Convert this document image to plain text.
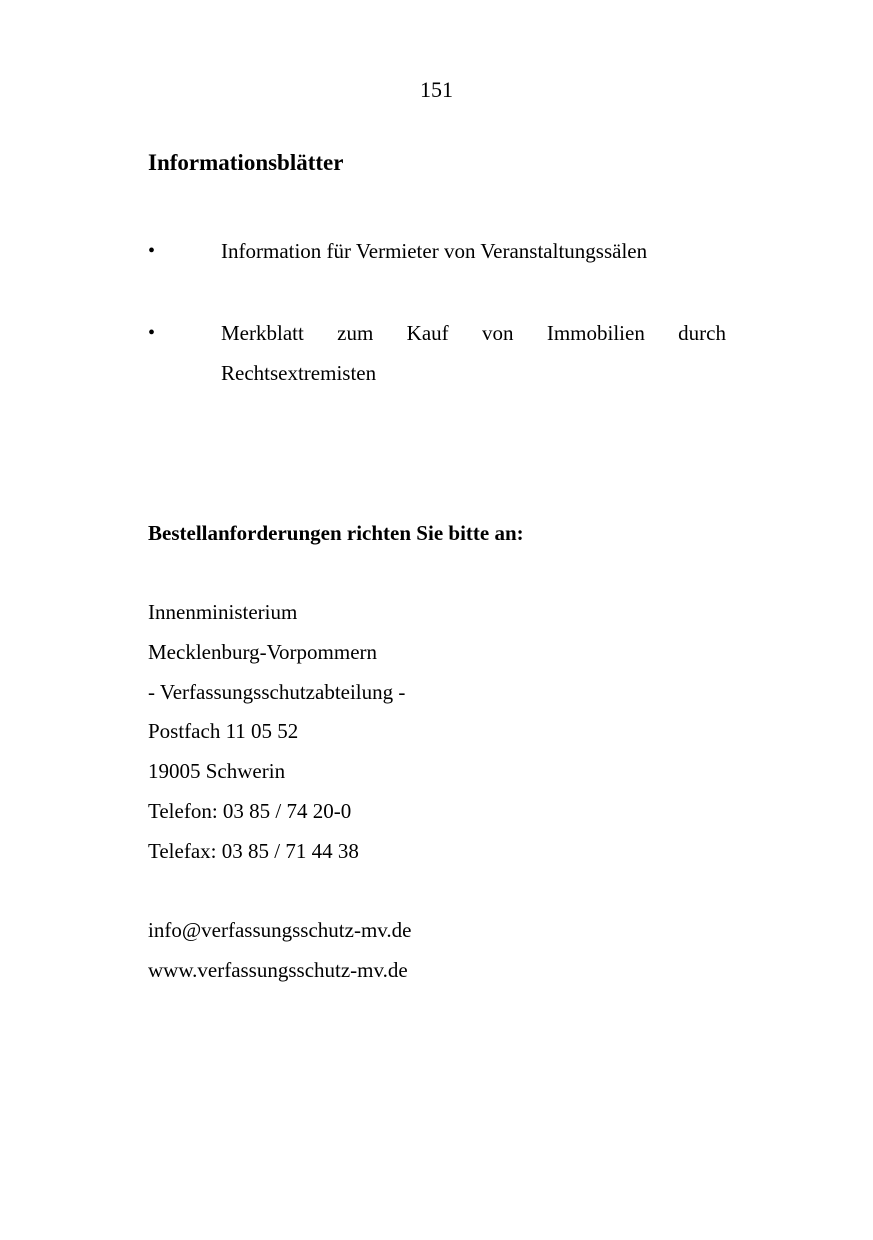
151
Informationsblätter
•	Information für Vermieter von Veranstaltungssälen
•	Merkblatt zum Kauf von Immobilien durch
Rechtsextremisten
Bestellanforderungen richten Sie bitte an:
Innenministerium
Mecklenburg-Vorpommern
- Verfassungsschutzabteilung -
Postfach 11 05 52
19005 Schwerin
Telefon: 03 85 / 74 20-0
Telefax: 03 85 / 71 44 38
info@verfassungsschutz-mv.de
www.verfassungsschutz-mv.de
